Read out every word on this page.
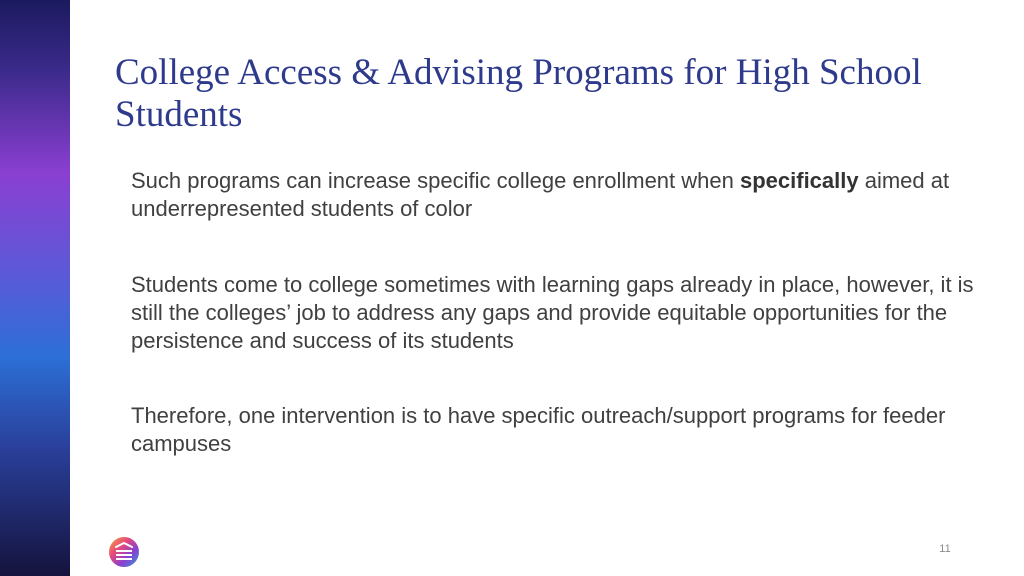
College Access & Advising Programs for High School Students

Such programs can increase specific college enrollment when specifically aimed at underrepresented students of color

Students come to college sometimes with learning gaps already in place, however, it is still the colleges’ job to address any gaps and provide equitable opportunities for the persistence and success of its students

Therefore, one intervention is to have specific outreach/support programs for feeder campuses

11
